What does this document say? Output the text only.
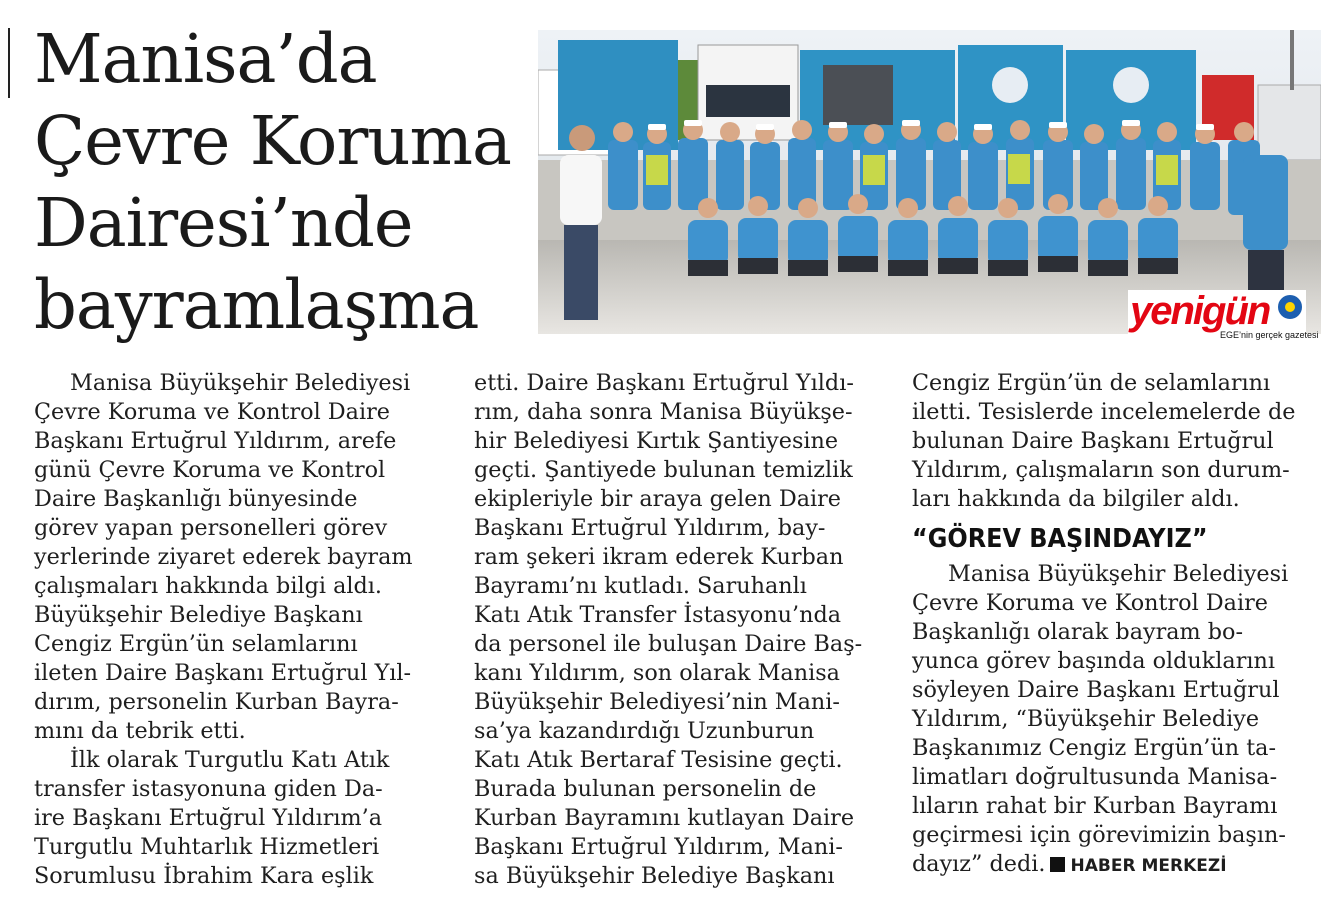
Manisa’da
Çevre Koruma
Dairesi’nde
bayramlaşma	yenigün
EGE’nin gerçek gazetesi
Manisa Büyükşehir Belediyesi
Çevre Koruma ve Kontrol Daire
Başkanı Ertuğrul Yıldırım, arefe
günü Çevre Koruma ve Kontrol
Daire Başkanlığı bünyesinde
görev yapan personelleri görev
yerlerinde ziyaret ederek bayram
çalışmaları hakkında bilgi aldı.
Büyükşehir Belediye Başkanı
Cengiz Ergün’ün selamlarını
ileten Daire Başkanı Ertuğrul Yıl-
dırım, personelin Kurban Bayra-
mını da tebrik etti.
İlk olarak Turgutlu Katı Atık
transfer istasyonuna giden Da-
ire Başkanı Ertuğrul Yıldırım’a
Turgutlu Muhtarlık Hizmetleri
Sorumlusu İbrahim Kara eşlik
etti. Daire Başkanı Ertuğrul Yıldı-
rım, daha sonra Manisa Büyükşe-
hir Belediyesi Kırtık Şantiyesine
geçti. Şantiyede bulunan temizlik
ekipleriyle bir araya gelen Daire
Başkanı Ertuğrul Yıldırım, bay-
ram şekeri ikram ederek Kurban
Bayramı’nı kutladı. Saruhanlı
Katı Atık Transfer İstasyonu’nda
da personel ile buluşan Daire Baş-
kanı Yıldırım, son olarak Manisa
Büyükşehir Belediyesi’nin Mani-
sa’ya kazandırdığı Uzunburun
Katı Atık Bertaraf Tesisine geçti.
Burada bulunan personelin de
Kurban Bayramını kutlayan Daire
Başkanı Ertuğrul Yıldırım, Mani-
sa Büyükşehir Belediye Başkanı
Cengiz Ergün’ün de selamlarını
iletti. Tesislerde incelemelerde de
bulunan Daire Başkanı Ertuğrul
Yıldırım, çalışmaların son durum-
ları hakkında da bilgiler aldı.
“GÖREV BAŞINDAYIZ”
Manisa Büyükşehir Belediyesi
Çevre Koruma ve Kontrol Daire
Başkanlığı olarak bayram bo-
yunca görev başında olduklarını
söyleyen Daire Başkanı Ertuğrul
Yıldırım, “Büyükşehir Belediye
Başkanımız Cengiz Ergün’ün ta-
limatları doğrultusunda Manisa-
lıların rahat bir Kurban Bayramı
geçirmesi için görevimizin başın-
dayız” dedi. HABER MERKEZİ
